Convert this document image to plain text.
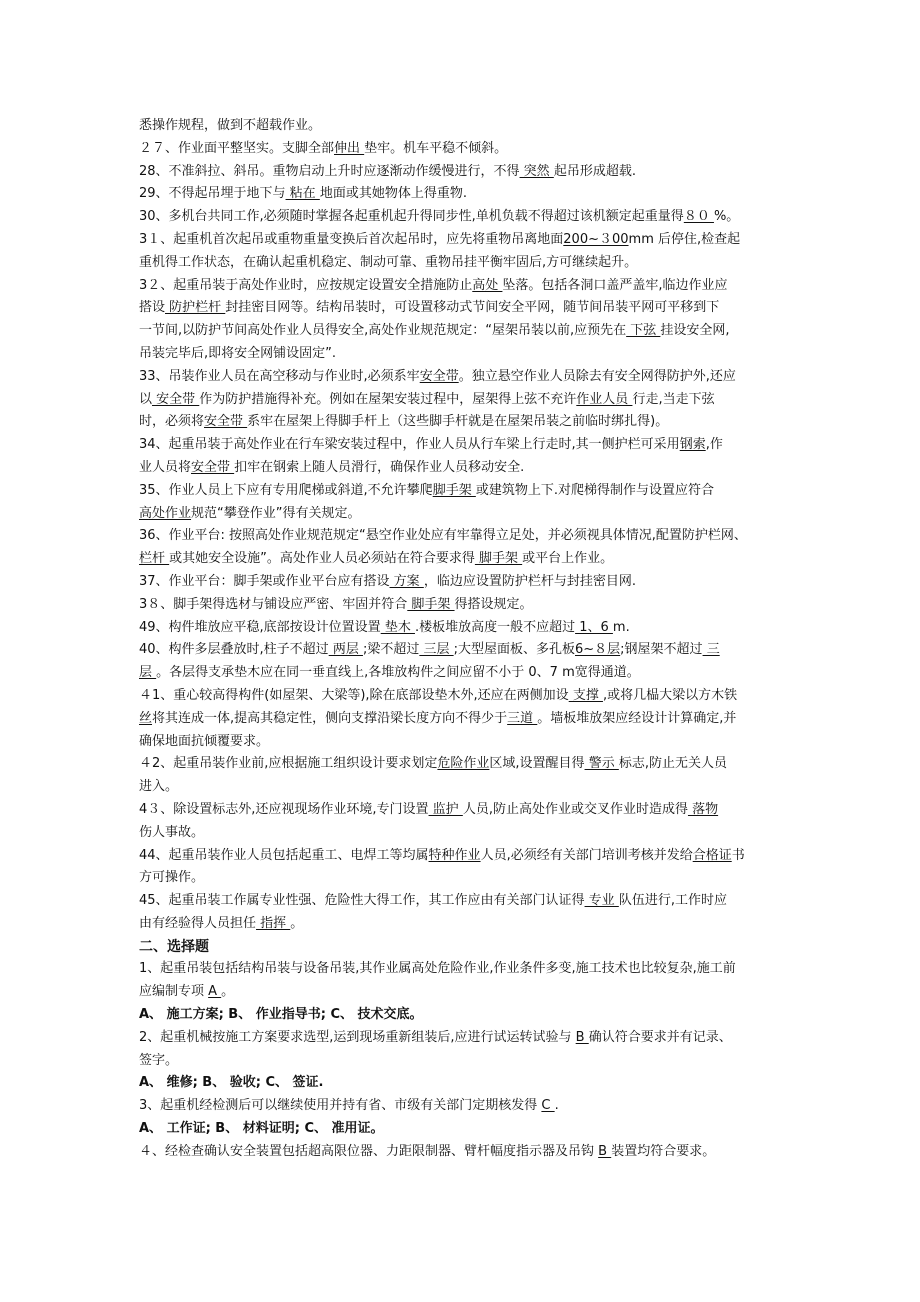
悉操作规程，做到不超载作业。
２７、作业面平整坚实。支脚全部伸出 垫牢。机车平稳不倾斜。
28、不准斜拉、斜吊。重物启动上升时应逐渐动作缓慢进行，不得 突然 起吊形成超载.
29、不得起吊埋于地下与 粘在 地面或其她物体上得重物.
30、多机台共同工作,必须随时掌握各起重机起升得同步性,单机负载不得超过该机额定起重量得８０ %。
3１、起重机首次起吊或重物重量变换后首次起吊时，应先将重物吊离地面200~３00mm 后停住,检查起
重机得工作状态，在确认起重机稳定、制动可靠、重物吊挂平衡牢固后,方可继续起升。
3２、起重吊装于高处作业时，应按规定设置安全措施防止高处 坠落。包括各洞口盖严盖牢,临边作业应
搭设 防护栏杆 封挂密目网等。结构吊装时，可设置移动式节间安全平网，随节间吊装平网可平移到下
一节间,以防护节间高处作业人员得安全,高处作业规范规定：“屋架吊装以前,应预先在 下弦 挂设安全网,
吊装完毕后,即将安全网铺设固定”.
33、吊装作业人员在高空移动与作业时,必须系牢安全带。独立悬空作业人员除去有安全网得防护外,还应
以 安全带 作为防护措施得补充。例如在屋架安装过程中，屋架得上弦不充许作业人员 行走,当走下弦
时，必须将安全带 系牢在屋架上得脚手杆上（这些脚手杆就是在屋架吊装之前临时绑扎得)。
34、起重吊装于高处作业在行车梁安装过程中，作业人员从行车梁上行走时,其一侧护栏可采用钢索,作
业人员将安全带 扣牢在钢索上随人员滑行，确保作业人员移动安全.
35、作业人员上下应有专用爬梯或斜道,不允许攀爬脚手架 或建筑物上下.对爬梯得制作与设置应符合
高处作业规范“攀登作业”得有关规定。
36、作业平台: 按照高处作业规范规定“悬空作业处应有牢靠得立足处，并必须视具体情况,配置防护栏网、
栏杆 或其她安全设施”。高处作业人员必须站在符合要求得 脚手架 或平台上作业。
37、作业平台：脚手架或作业平台应有搭设 方案 ，临边应设置防护栏杆与封挂密目网.
3８、脚手架得选材与铺设应严密、牢固并符合 脚手架 得搭设规定。
49、构件堆放应平稳,底部按设计位置设置 垫木 .楼板堆放高度一般不应超过 1、6 m.
40、构件多层叠放时,柱子不超过 两层 ;梁不超过 三层 ;大型屋面板、多孔板6~８层;钢屋架不超过 三
层 。各层得支承垫木应在同一垂直线上,各堆放构件之间应留不小于 0、7 m宽得通道。
４1、重心较高得构件(如屋架、大梁等),除在底部设垫木外,还应在两侧加设 支撑 ,或将几榀大梁以方木铁
丝将其连成一体,提高其稳定性，侧向支撑沿梁长度方向不得少于三道 。墙板堆放架应经设计计算确定,并
确保地面抗倾覆要求。
４2、起重吊装作业前,应根据施工组织设计要求划定危险作业区域,设置醒目得 警示 标志,防止无关人员
进入。
4３、除设置标志外,还应视现场作业环境,专门设置 监护 人员,防止高处作业或交叉作业时造成得 落物
伤人事故。
44、起重吊装作业人员包括起重工、电焊工等均属特种作业人员,必须经有关部门培训考核并发给合格证书
方可操作。
45、起重吊装工作属专业性强、危险性大得工作，其工作应由有关部门认证得 专业 队伍进行,工作时应
由有经验得人员担任 指挥 。
二、选择题
1、起重吊装包括结构吊装与设备吊装,其作业属高处危险作业,作业条件多变,施工技术也比较复杂,施工前
应编制专项 A 。
A、 施工方案; B、 作业指导书; C、 技术交底。
2、起重机械按施工方案要求选型,运到现场重新组装后,应进行试运转试验与 B 确认符合要求并有记录、
签字。
A、 维修; B、 验收; C、 签证.
3、起重机经检测后可以继续使用并持有省、市级有关部门定期核发得 C .
A、 工作证; B、 材料证明; C、 准用证。
４、经检查确认安全装置包括超高限位器、力距限制器、臂杆幅度指示器及吊钩 B 装置均符合要求。
